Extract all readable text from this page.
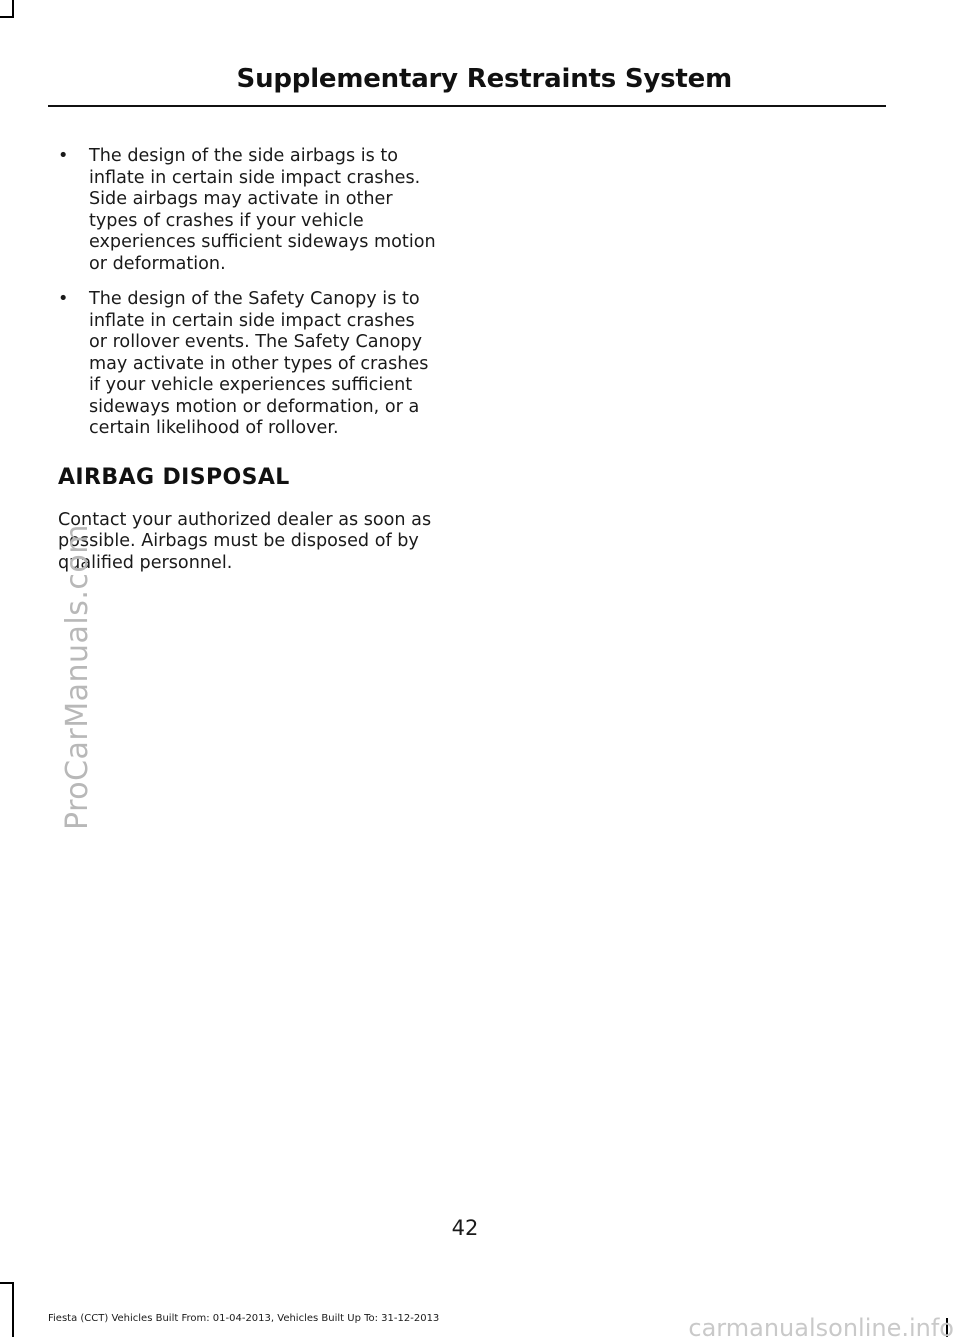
Supplementary Restraints System
• The design of the side airbags is to
inflate in certain side impact crashes.
Side airbags may activate in other
types of crashes if your vehicle
experiences sufficient sideways motion
or deformation.
• The design of the Safety Canopy is to
inflate in certain side impact crashes
or rollover events. The Safety Canopy
may activate in other types of crashes
if your vehicle experiences sufficient
sideways motion or deformation, or a
certain likelihood of rollover.
AIRBAG DISPOSAL

Contact your authorized dealer as soon as
possible. Airbags must be disposed of by
qualified personnel.

ProCarManuals.com
42
Fiesta (CCT) Vehicles Built From: 01-04-2013, Vehicles Built Up To: 31-12-2013	carmanualsonline.info
